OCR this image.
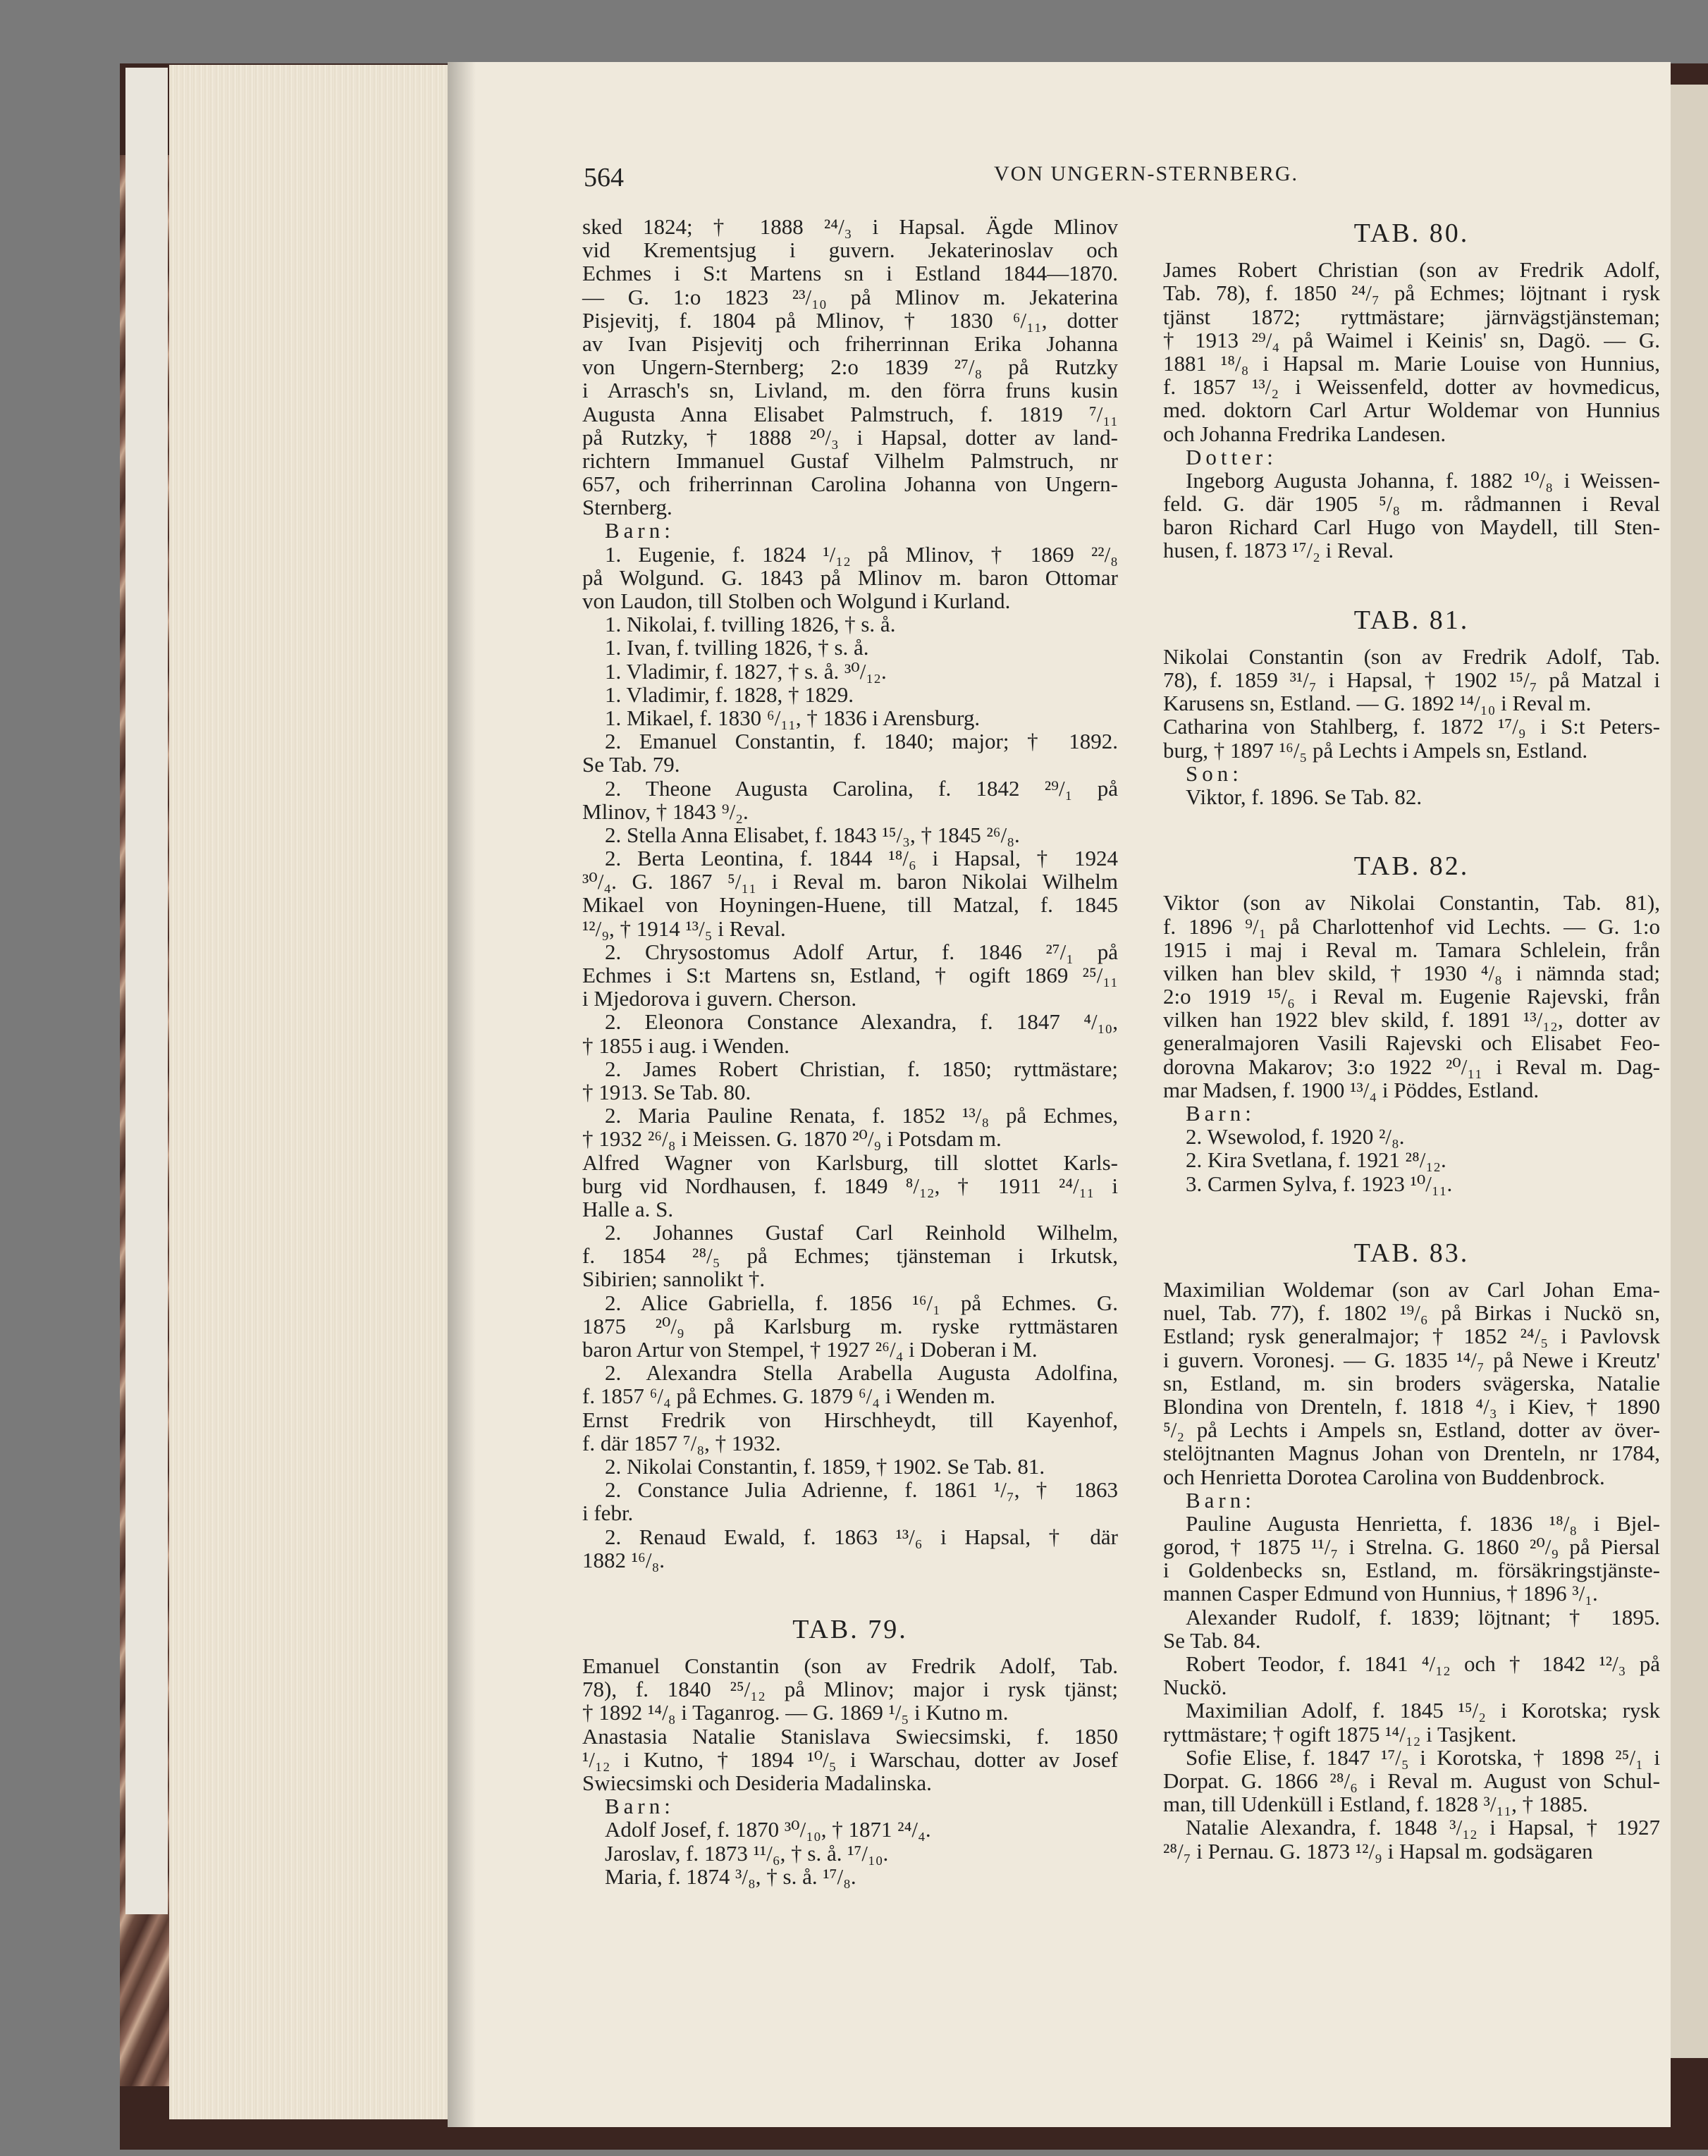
564	VON UNGERN-STERNBERG.
sked 1824; † 1888 ²⁴/₃ i Hapsal. Ägde Mlinov
vid Krementsjug i guvern. Jekaterinoslav och
Echmes i S:t Martens sn i Estland 1844—1870.
— G. 1:o 1823 ²³/₁₀ på Mlinov m. Jekaterina
Pisjevitj, f. 1804 på Mlinov, † 1830 ⁶/₁₁, dotter
av Ivan Pisjevitj och friherrinnan Erika Johanna
von Ungern-Sternberg; 2:o 1839 ²⁷/₈ på Rutzky
i Arrasch's sn, Livland, m. den förra fruns kusin
Augusta Anna Elisabet Palmstruch, f. 1819 ⁷/₁₁
på Rutzky, † 1888 ²⁰/₃ i Hapsal, dotter av land-
richtern Immanuel Gustaf Vilhelm Palmstruch, nr
657, och friherrinnan Carolina Johanna von Ungern-
Sternberg.
Barn:
1. Eugenie, f. 1824 ¹/₁₂ på Mlinov, † 1869 ²²/₈
på Wolgund. G. 1843 på Mlinov m. baron Ottomar
von Laudon, till Stolben och Wolgund i Kurland.
1. Nikolai, f. tvilling 1826, † s. å.
1. Ivan, f. tvilling 1826, † s. å.
1. Vladimir, f. 1827, † s. å. ³⁰/₁₂.
1. Vladimir, f. 1828, † 1829.
1. Mikael, f. 1830 ⁶/₁₁, † 1836 i Arensburg.
2. Emanuel Constantin, f. 1840; major; † 1892.
Se Tab. 79.
2. Theone Augusta Carolina, f. 1842 ²⁹/₁ på
Mlinov, † 1843 ⁹/₂.
2. Stella Anna Elisabet, f. 1843 ¹⁵/₃, † 1845 ²⁶/₈.
2. Berta Leontina, f. 1844 ¹⁸/₆ i Hapsal, † 1924
³⁰/₄. G. 1867 ⁵/₁₁ i Reval m. baron Nikolai Wilhelm
Mikael von Hoyningen-Huene, till Matzal, f. 1845
¹²/₉, † 1914 ¹³/₅ i Reval.
2. Chrysostomus Adolf Artur, f. 1846 ²⁷/₁ på
Echmes i S:t Martens sn, Estland, † ogift 1869 ²⁵/₁₁
i Mjedorova i guvern. Cherson.
2. Eleonora Constance Alexandra, f. 1847 ⁴/₁₀,
† 1855 i aug. i Wenden.
2. James Robert Christian, f. 1850; ryttmästare;
† 1913. Se Tab. 80.
2. Maria Pauline Renata, f. 1852 ¹³/₈ på Echmes,
† 1932 ²⁶/₈ i Meissen. G. 1870 ²⁰/₉ i Potsdam m.
Alfred Wagner von Karlsburg, till slottet Karls-
burg vid Nordhausen, f. 1849 ⁸/₁₂, † 1911 ²⁴/₁₁ i
Halle a. S.
2. Johannes Gustaf Carl Reinhold Wilhelm,
f. 1854 ²⁸/₅ på Echmes; tjänsteman i Irkutsk,
Sibirien; sannolikt †.
2. Alice Gabriella, f. 1856 ¹⁶/₁ på Echmes. G.
1875 ²⁰/₉ på Karlsburg m. ryske ryttmästaren
baron Artur von Stempel, † 1927 ²⁶/₄ i Doberan i M.
2. Alexandra Stella Arabella Augusta Adolfina,
f. 1857 ⁶/₄ på Echmes. G. 1879 ⁶/₄ i Wenden m.
Ernst Fredrik von Hirschheydt, till Kayenhof,
f. där 1857 ⁷/₈, † 1932.
2. Nikolai Constantin, f. 1859, † 1902. Se Tab. 81.
2. Constance Julia Adrienne, f. 1861 ¹/₇, † 1863
i febr.
2. Renaud Ewald, f. 1863 ¹³/₆ i Hapsal, † där
1882 ¹⁶/₈.
TAB. 79.
Emanuel Constantin (son av Fredrik Adolf, Tab.
78), f. 1840 ²⁵/₁₂ på Mlinov; major i rysk tjänst;
† 1892 ¹⁴/₈ i Taganrog. — G. 1869 ¹/₅ i Kutno m.
Anastasia Natalie Stanislava Swiecsimski, f. 1850
¹/₁₂ i Kutno, † 1894 ¹⁰/₅ i Warschau, dotter av Josef
Swiecsimski och Desideria Madalinska.
Barn:
Adolf Josef, f. 1870 ³⁰/₁₀, † 1871 ²⁴/₄.
Jaroslav, f. 1873 ¹¹/₆, † s. å. ¹⁷/₁₀.
Maria, f. 1874 ³/₈, † s. å. ¹⁷/₈.
TAB. 80.
James Robert Christian (son av Fredrik Adolf,
Tab. 78), f. 1850 ²⁴/₇ på Echmes; löjtnant i rysk
tjänst 1872; ryttmästare; järnvägstjänsteman;
† 1913 ²⁹/₄ på Waimel i Keinis' sn, Dagö. — G.
1881 ¹⁸/₈ i Hapsal m. Marie Louise von Hunnius,
f. 1857 ¹³/₂ i Weissenfeld, dotter av hovmedicus,
med. doktorn Carl Artur Woldemar von Hunnius
och Johanna Fredrika Landesen.
Dotter:
Ingeborg Augusta Johanna, f. 1882 ¹⁰/₈ i Weissen-
feld. G. där 1905 ⁵/₈ m. rådmannen i Reval
baron Richard Carl Hugo von Maydell, till Sten-
husen, f. 1873 ¹⁷/₂ i Reval.
TAB. 81.
Nikolai Constantin (son av Fredrik Adolf, Tab.
78), f. 1859 ³¹/₇ i Hapsal, † 1902 ¹⁵/₇ på Matzal i
Karusens sn, Estland. — G. 1892 ¹⁴/₁₀ i Reval m.
Catharina von Stahlberg, f. 1872 ¹⁷/₉ i S:t Peters-
burg, † 1897 ¹⁶/₅ på Lechts i Ampels sn, Estland.
Son:
Viktor, f. 1896. Se Tab. 82.
TAB. 82.
Viktor (son av Nikolai Constantin, Tab. 81),
f. 1896 ⁹/₁ på Charlottenhof vid Lechts. — G. 1:o
1915 i maj i Reval m. Tamara Schlelein, från
vilken han blev skild, † 1930 ⁴/₈ i nämnda stad;
2:o 1919 ¹⁵/₆ i Reval m. Eugenie Rajevski, från
vilken han 1922 blev skild, f. 1891 ¹³/₁₂, dotter av
generalmajoren Vasili Rajevski och Elisabet Feo-
dorovna Makarov; 3:o 1922 ²⁰/₁₁ i Reval m. Dag-
mar Madsen, f. 1900 ¹³/₄ i Pöddes, Estland.
Barn:
2. Wsewolod, f. 1920 ²/₈.
2. Kira Svetlana, f. 1921 ²⁸/₁₂.
3. Carmen Sylva, f. 1923 ¹⁰/₁₁.
TAB. 83.
Maximilian Woldemar (son av Carl Johan Ema-
nuel, Tab. 77), f. 1802 ¹⁹/₆ på Birkas i Nuckö sn,
Estland; rysk generalmajor; † 1852 ²⁴/₅ i Pavlovsk
i guvern. Voronesj. — G. 1835 ¹⁴/₇ på Newe i Kreutz'
sn, Estland, m. sin broders svägerska, Natalie
Blondina von Drenteln, f. 1818 ⁴/₃ i Kiev, † 1890
⁵/₂ på Lechts i Ampels sn, Estland, dotter av över-
stelöjtnanten Magnus Johan von Drenteln, nr 1784,
och Henrietta Dorotea Carolina von Buddenbrock.
Barn:
Pauline Augusta Henrietta, f. 1836 ¹⁸/₈ i Bjel-
gorod, † 1875 ¹¹/₇ i Strelna. G. 1860 ²⁰/₉ på Piersal
i Goldenbecks sn, Estland, m. försäkringstjänste-
mannen Casper Edmund von Hunnius, † 1896 ³/₁.
Alexander Rudolf, f. 1839; löjtnant; † 1895.
Se Tab. 84.
Robert Teodor, f. 1841 ⁴/₁₂ och † 1842 ¹²/₃ på
Nuckö.
Maximilian Adolf, f. 1845 ¹⁵/₂ i Korotska; rysk
ryttmästare; † ogift 1875 ¹⁴/₁₂ i Tasjkent.
Sofie Elise, f. 1847 ¹⁷/₅ i Korotska, † 1898 ²⁵/₁ i
Dorpat. G. 1866 ²⁸/₆ i Reval m. August von Schul-
man, till Udenküll i Estland, f. 1828 ³/₁₁, † 1885.
Natalie Alexandra, f. 1848 ³/₁₂ i Hapsal, † 1927
²⁸/₇ i Pernau. G. 1873 ¹²/₉ i Hapsal m. godsägaren
